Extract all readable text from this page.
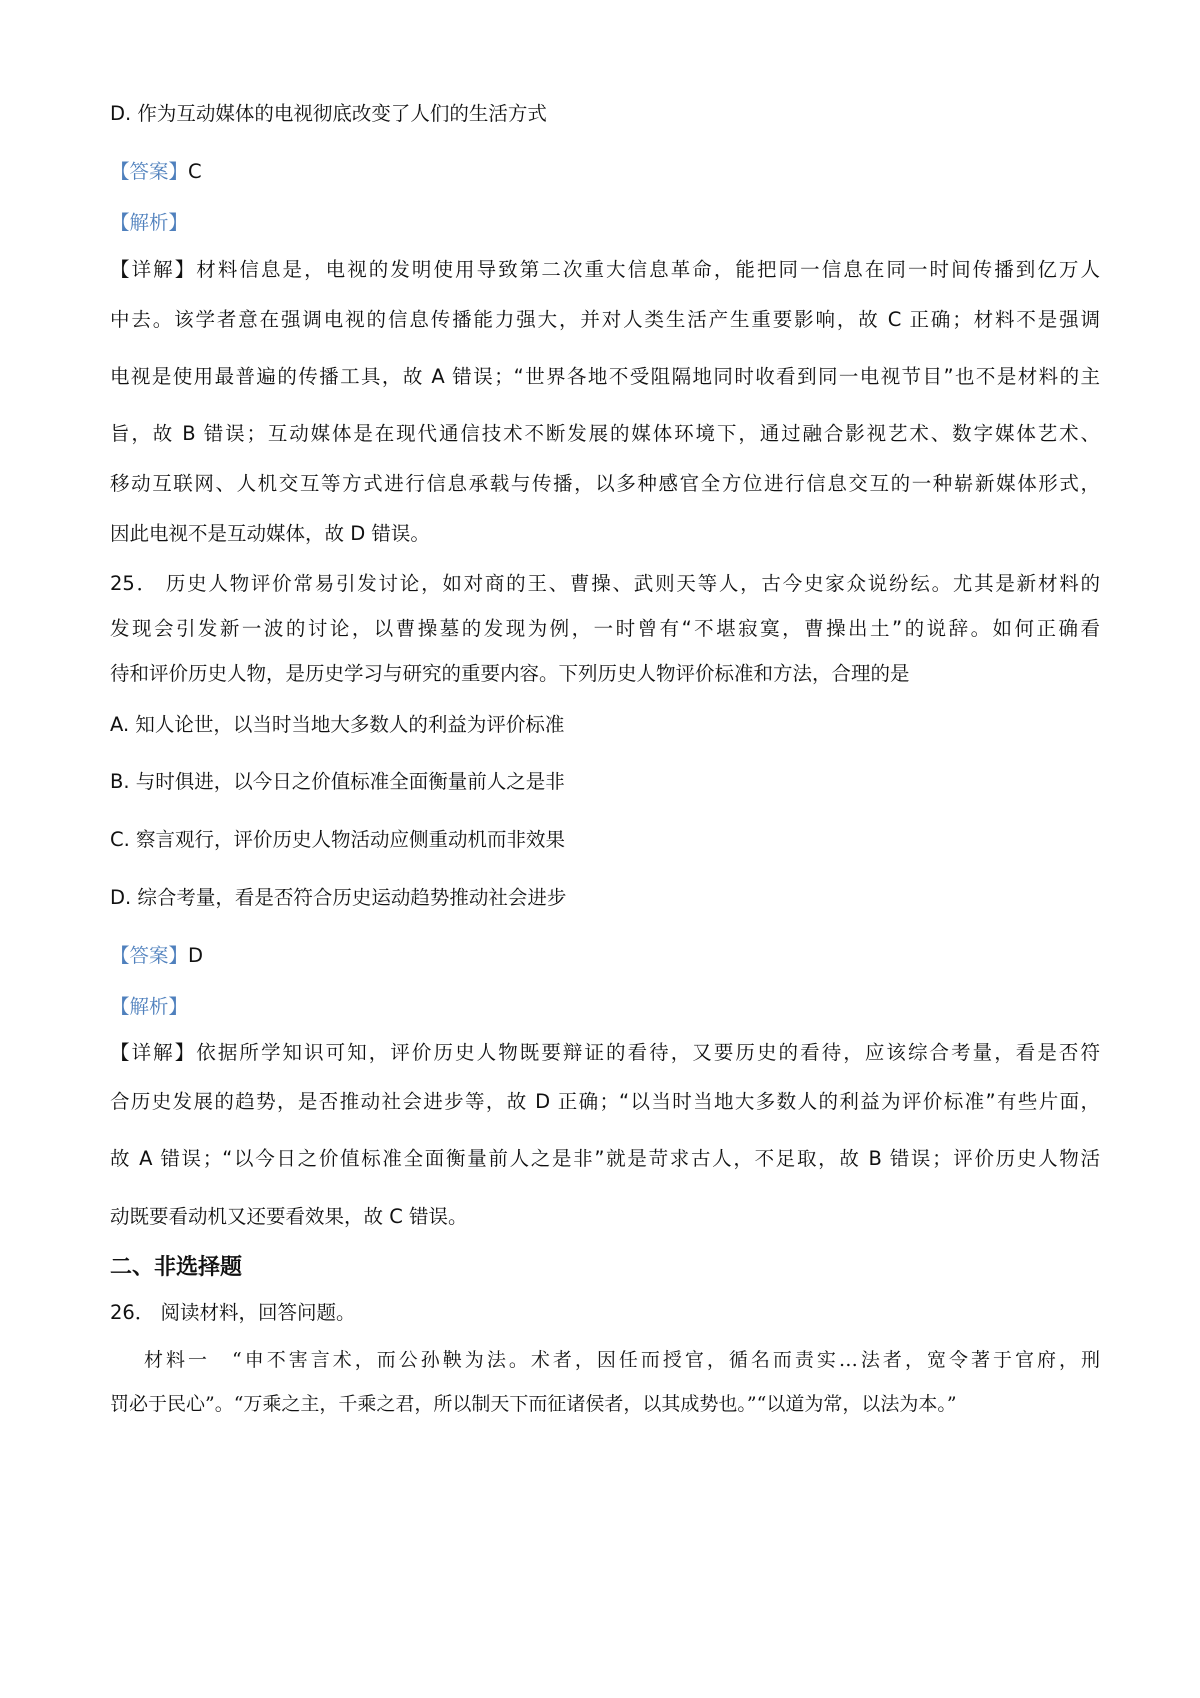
D. 作为互动媒体的电视彻底改变了人们的生活方式
【答案】C
【解析】
【详解】材料信息是，电视的发明使用导致第二次重大信息革命，能把同一信息在同一时间传播到亿万人
中去。该学者意在强调电视的信息传播能力强大，并对人类生活产生重要影响，故 C 正确；材料不是强调
电视是使用最普遍的传播工具，故 A 错误；“世界各地不受阻隔地同时收看到同一电视节目”也不是材料的主
旨，故 B 错误；互动媒体是在现代通信技术不断发展的媒体环境下，通过融合影视艺术、数字媒体艺术、
移动互联网、人机交互等方式进行信息承载与传播，以多种感官全方位进行信息交互的一种崭新媒体形式，
因此电视不是互动媒体，故 D 错误。
25． 历史人物评价常易引发讨论，如对商的王、曹操、武则天等人，古今史家众说纷纭。尤其是新材料的
发现会引发新一波的讨论，以曹操墓的发现为例，一时曾有“不堪寂寞，曹操出土”的说辞。如何正确看
待和评价历史人物，是历史学习与研究的重要内容。下列历史人物评价标准和方法，合理的是
A. 知人论世，以当时当地大多数人的利益为评价标准
B. 与时俱进，以今日之价值标准全面衡量前人之是非
C. 察言观行，评价历史人物活动应侧重动机而非效果
D. 综合考量，看是否符合历史运动趋势推动社会进步
【答案】D
【解析】
【详解】依据所学知识可知，评价历史人物既要辩证的看待，又要历史的看待，应该综合考量，看是否符
合历史发展的趋势，是否推动社会进步等，故 D 正确；“以当时当地大多数人的利益为评价标准”有些片面，
故 A 错误；“以今日之价值标准全面衡量前人之是非”就是苛求古人，不足取，故 B 错误；评价历史人物活
动既要看动机又还要看效果，故 C 错误。
二、非选择题
26． 阅读材料，回答问题。
材料一　“申不害言术，而公孙鞅为法。术者，因任而授官，循名而责实…法者，宽令著于官府，刑
罚必于民心”。“万乘之主，千乘之君，所以制天下而征诸侯者，以其成势也。”“以道为常，以法为本。”
